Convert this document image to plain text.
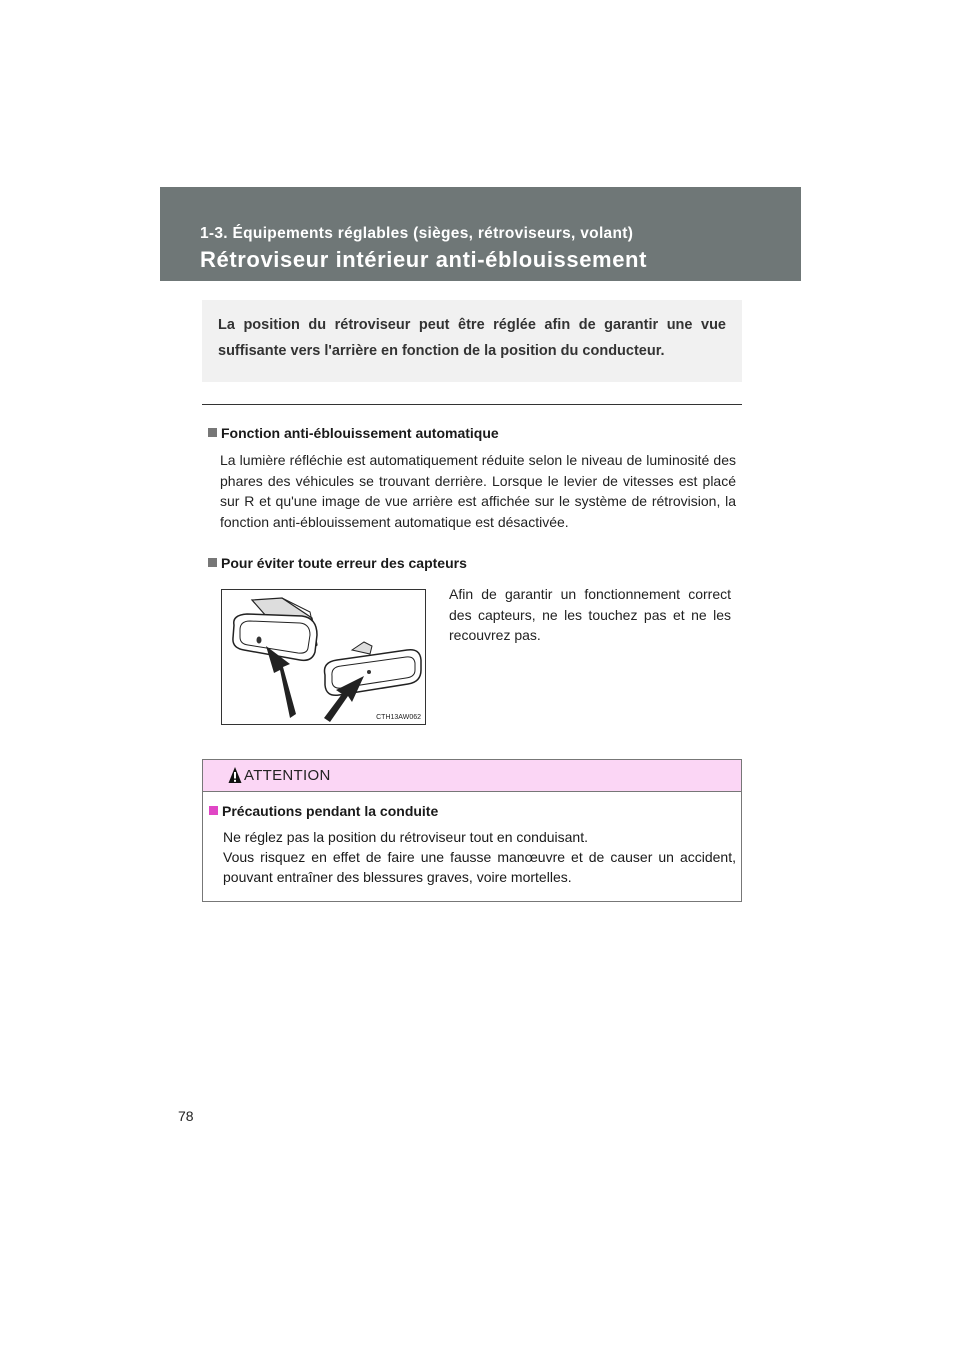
1-3. Équipements réglables (sièges, rétroviseurs, volant)
Rétroviseur intérieur anti-éblouissement

La position du rétroviseur peut être réglée afin de garantir une vue suffisante vers l'arrière en fonction de la position du conducteur.

Fonction anti-éblouissement automatique
La lumière réfléchie est automatiquement réduite selon le niveau de luminosité des phares des véhicules se trouvant derrière. Lorsque le levier de vitesses est placé sur R et qu'une image de vue arrière est affichée sur le système de rétrovision, la fonction anti-éblouissement automatique est désactivée.
Pour éviter toute erreur des capteurs
Afin de garantir un fonctionnement correct des capteurs, ne les touchez pas et ne les recouvrez pas.
CTH13AW062
ATTENTION
Précautions pendant la conduite
Ne réglez pas la position du rétroviseur tout en conduisant.
Vous risquez en effet de faire une fausse manœuvre et de causer un accident, pouvant entraîner des blessures graves, voire mortelles.
78
